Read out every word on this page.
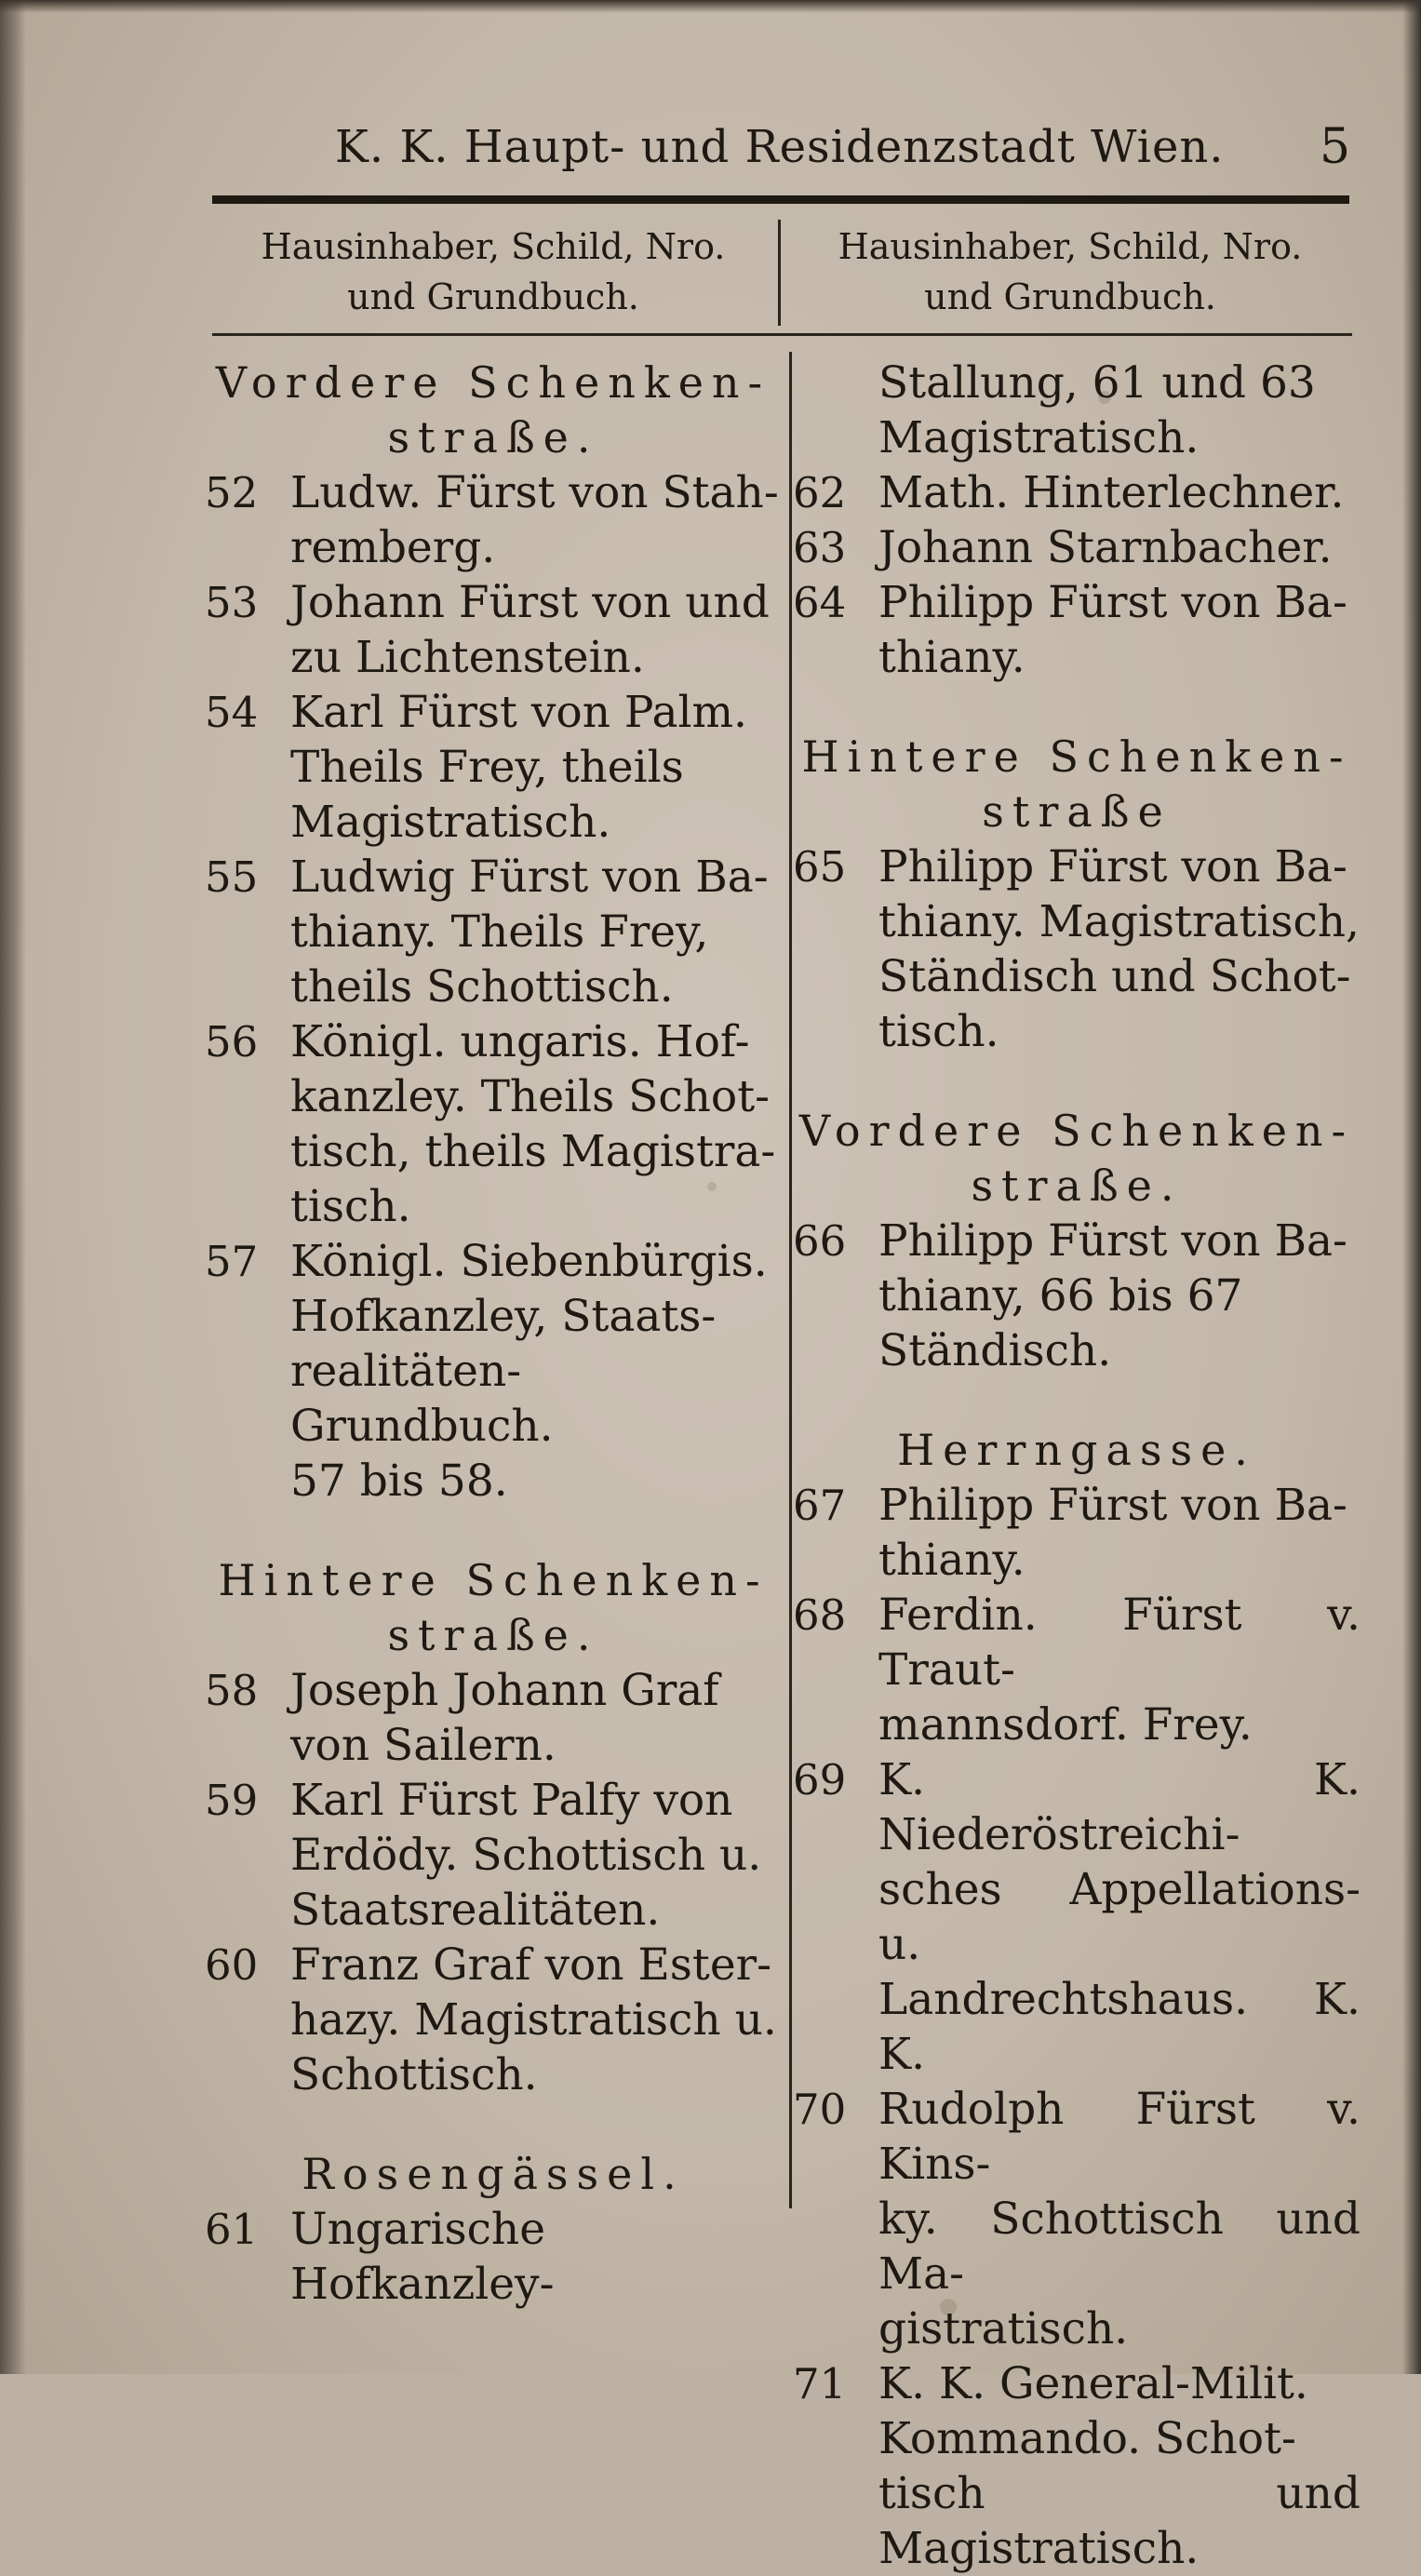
K. K. Haupt- und Residenzstadt Wien. 5
Hausinhaber, Schild, Nro.
und Grundbuch.
Hausinhaber, Schild, Nro.
und Grundbuch.
Vordere Schenken-
straße.
52 Ludw. Fürst von Stah-
remberg.
53 Johann Fürst von und
zu Lichtenstein.
54 Karl Fürst von Palm.
Theils Frey, theils
Magistratisch.
55 Ludwig Fürst von Ba-
thiany. Theils Frey,
theils Schottisch.
56 Königl. ungaris. Hof-
kanzley. Theils Schot-
tisch, theils Magistra-
tisch.
57 Königl. Siebenbürgis.
Hofkanzley, Staats-
realitäten-Grundbuch.
57 bis 58.
Hintere Schenken-
straße.
58 Joseph Johann Graf
von Sailern.
59 Karl Fürst Palfy von
Erdödy. Schottisch u.
Staatsrealitäten.
60 Franz Graf von Ester-
hazy. Magistratisch u.
Schottisch.
Rosengässel.
61 Ungarische Hofkanzley-
Stallung, 61 und 63
Magistratisch.
62 Math. Hinterlechner.
63 Johann Starnbacher.
64 Philipp Fürst von Ba-
thiany.
Hintere Schenken-
straße
65 Philipp Fürst von Ba-
thiany. Magistratisch,
Ständisch und Schot-
tisch.
Vordere Schenken-
straße.
66 Philipp Fürst von Ba-
thiany, 66 bis 67
Ständisch.
Herrngasse.
67 Philipp Fürst von Ba-
thiany.
68 Ferdin. Fürst v. Traut-
mannsdorf. Frey.
69 K. K. Niederöstreichi-
sches Appellations- u.
Landrechtshaus. K. K.
70 Rudolph Fürst v. Kins-
ky. Schottisch und Ma-
gistratisch.
71 K. K. General-Milit.
Kommando. Schot-
tisch und Magistratisch.
